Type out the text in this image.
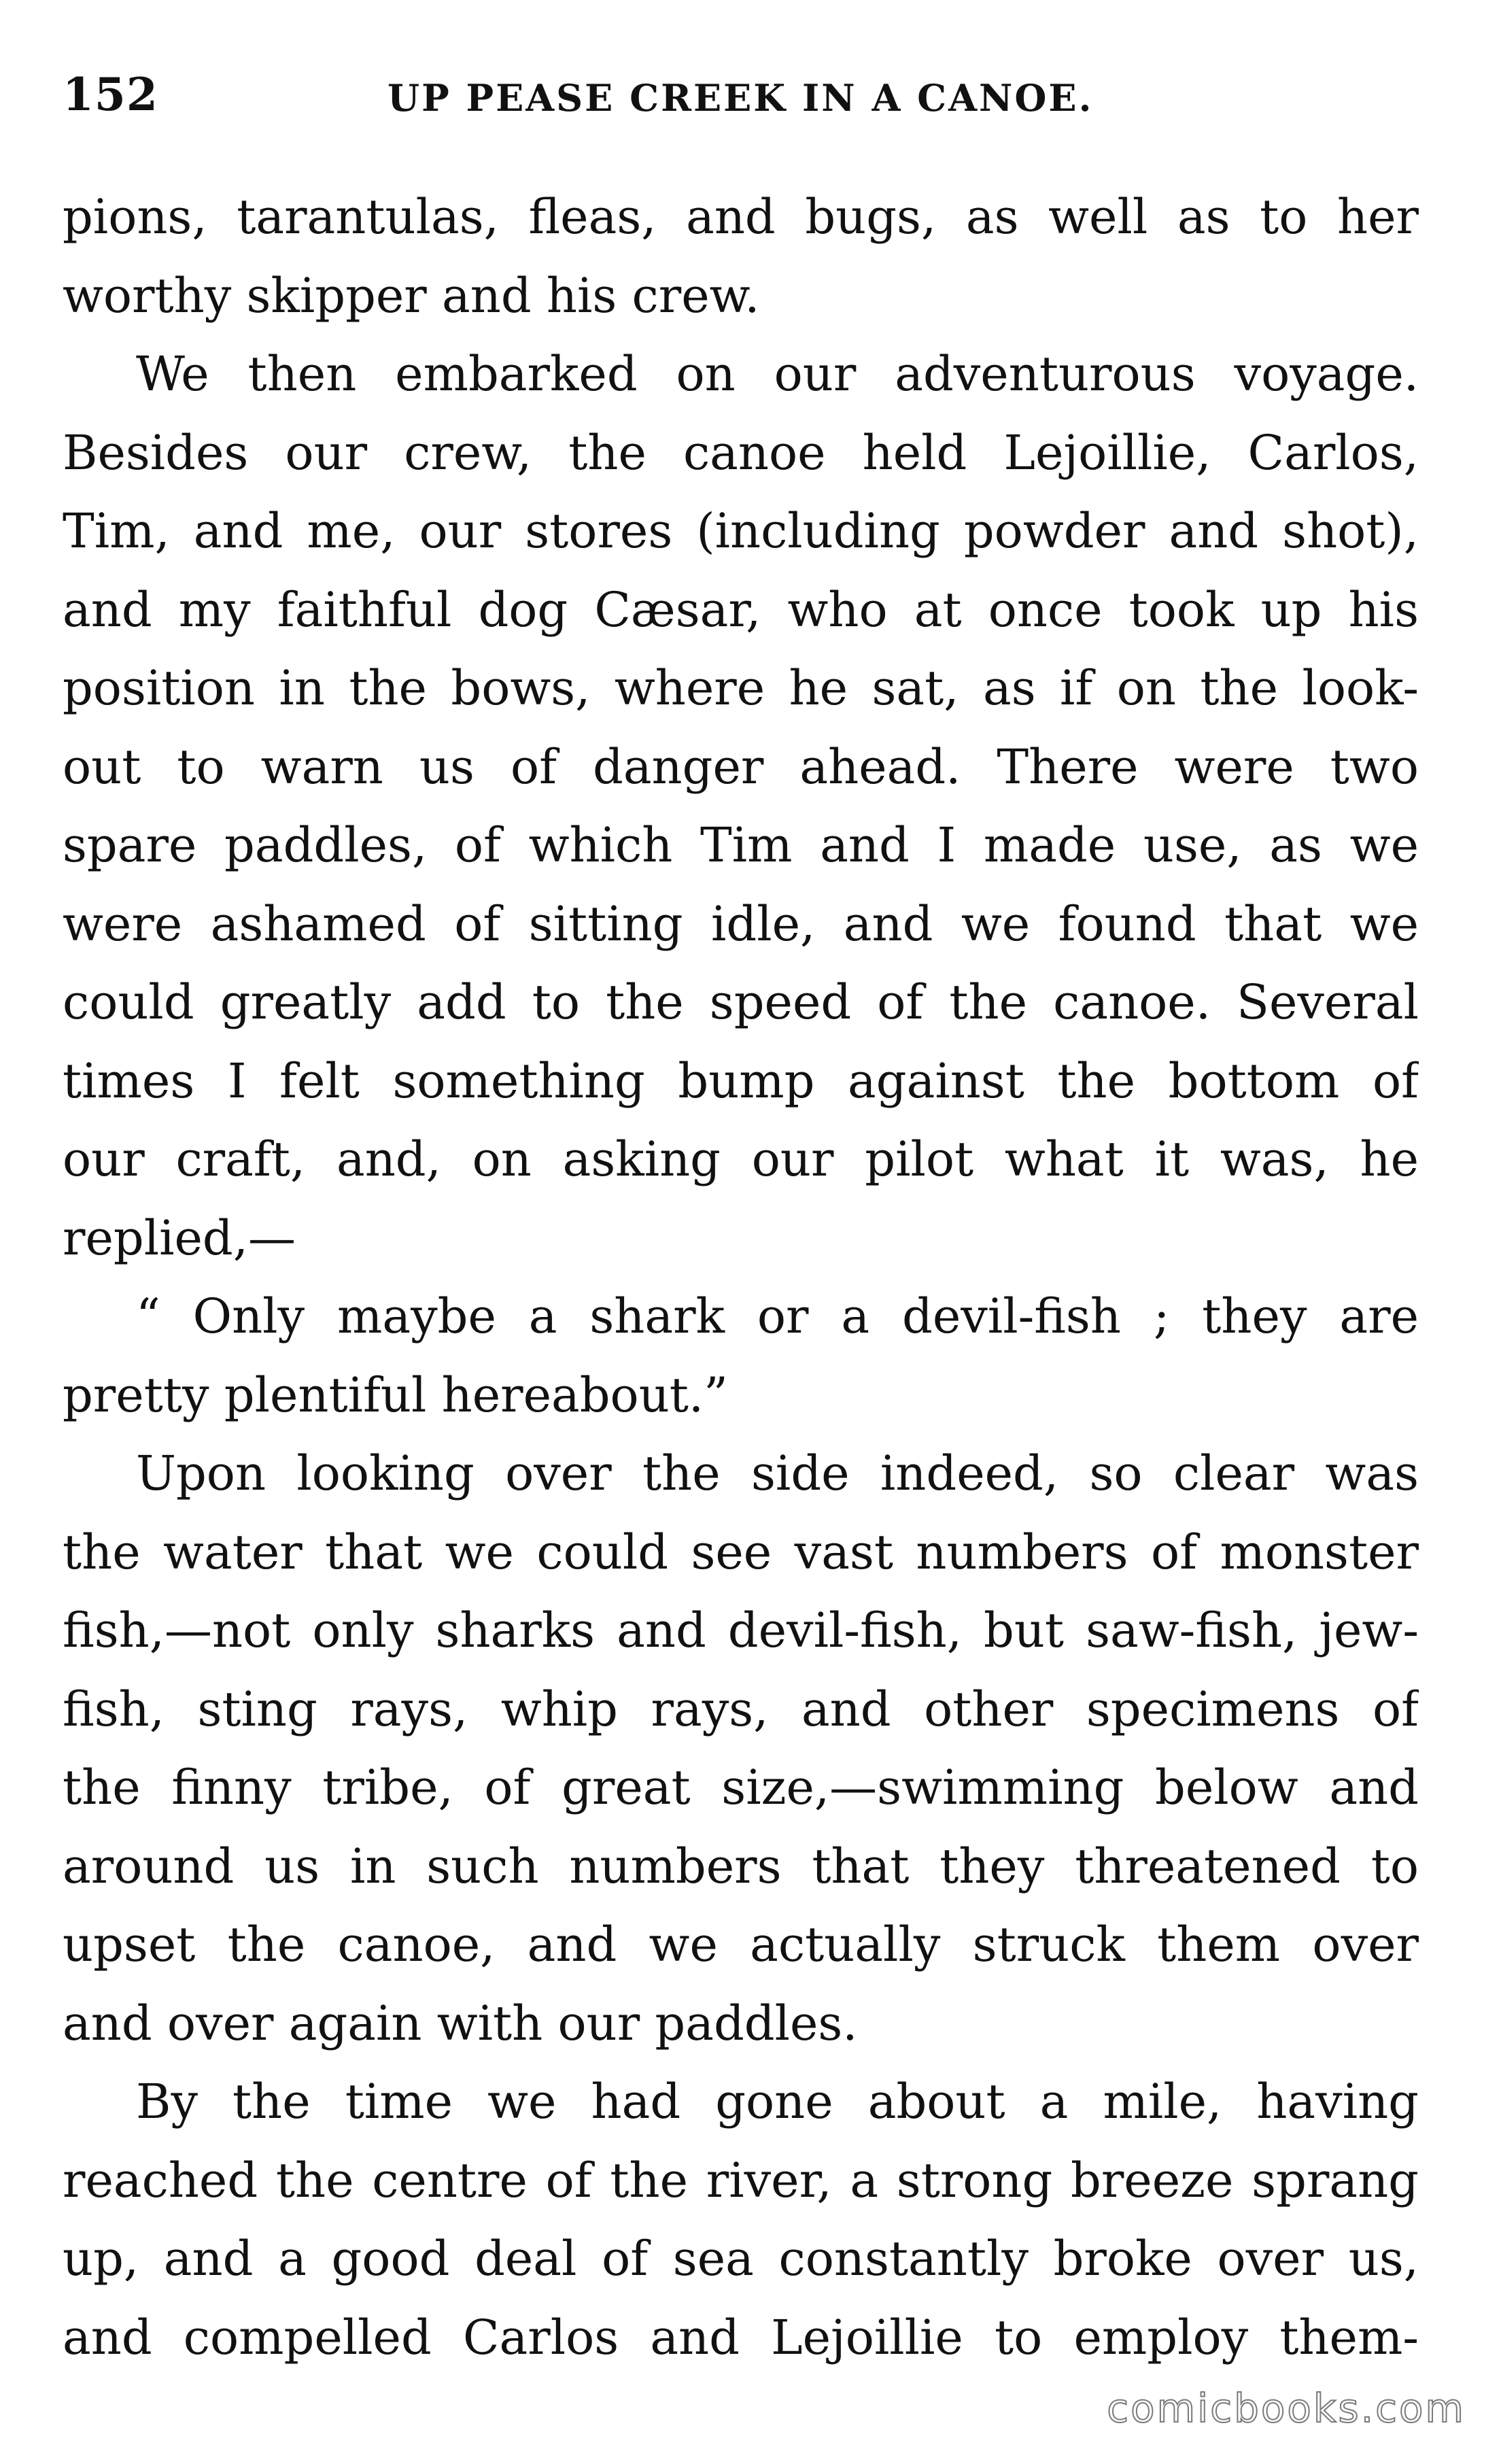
152	UP PEASE CREEK IN A CANOE.
pions, tarantulas, fleas, and bugs, as well as to her
worthy skipper and his crew.
We then embarked on our adventurous voyage.
Besides our crew, the canoe held Lejoillie, Carlos,
Tim, and me, our stores (including powder and shot),
and my faithful dog Cæsar, who at once took up his
position in the bows, where he sat, as if on the look-
out to warn us of danger ahead. There were two
spare paddles, of which Tim and I made use, as we
were ashamed of sitting idle, and we found that we
could greatly add to the speed of the canoe. Several
times I felt something bump against the bottom of
our craft, and, on asking our pilot what it was, he
replied,—
“ Only maybe a shark or a devil-fish ; they are
pretty plentiful hereabout.”
Upon looking over the side indeed, so clear was
the water that we could see vast numbers of monster
fish,—not only sharks and devil-fish, but saw-fish, jew-
fish, sting rays, whip rays, and other specimens of
the finny tribe, of great size,—swimming below and
around us in such numbers that they threatened to
upset the canoe, and we actually struck them over
and over again with our paddles.
By the time we had gone about a mile, having
reached the centre of the river, a strong breeze sprang
up, and a good deal of sea constantly broke over us,
and compelled Carlos and Lejoillie to employ them-
comicbooks.com
